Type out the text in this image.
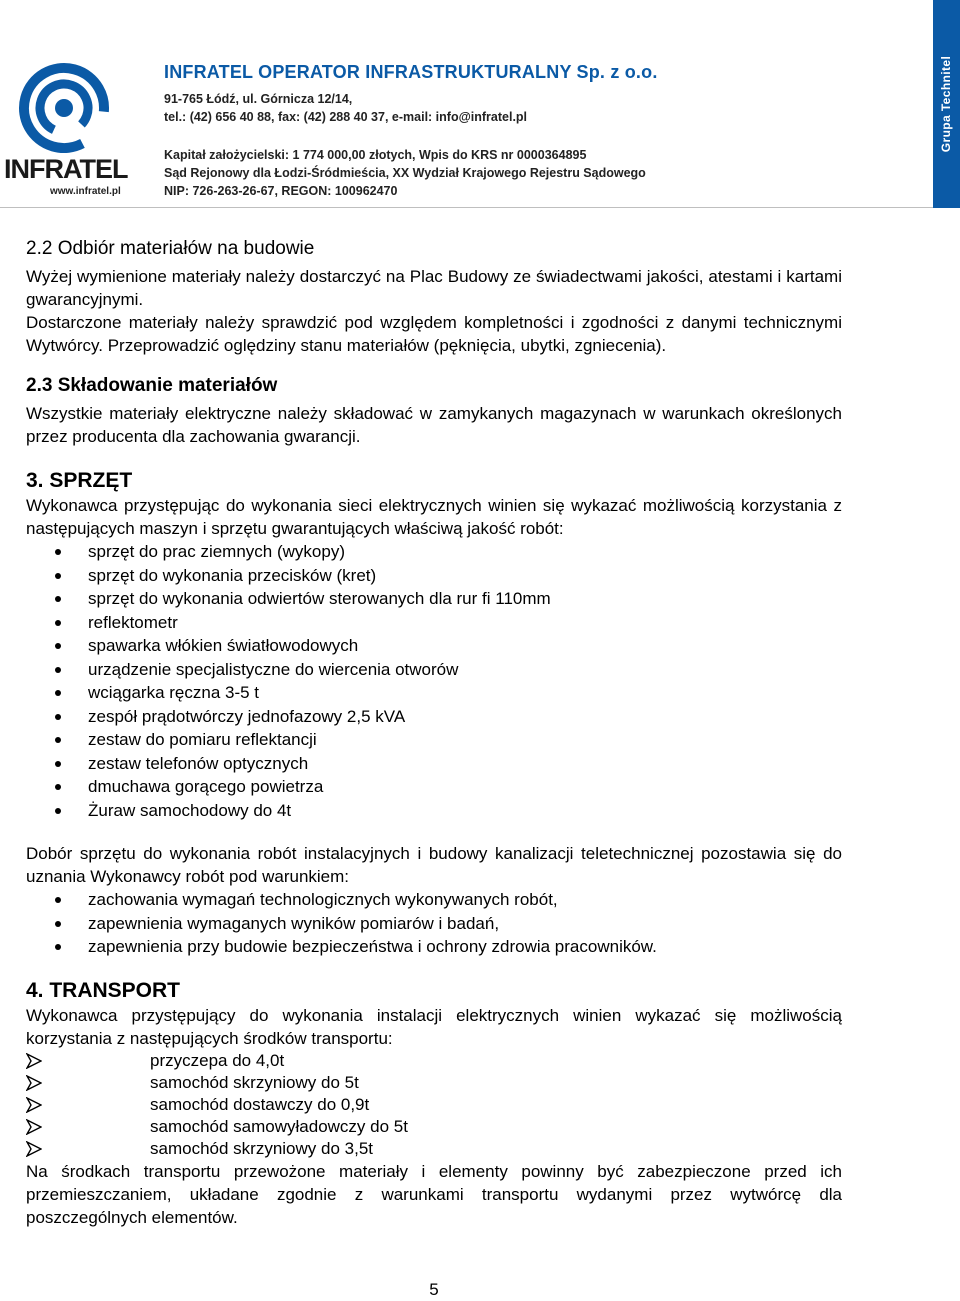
INFRATEL
www.infratel.pl
INFRATEL OPERATOR INFRASTRUKTURALNY Sp. z o.o.
91-765 Łódź, ul. Górnicza 12/14,
tel.: (42) 656 40 88, fax: (42) 288 40 37, e-mail: info@infratel.pl
Kapitał założycielski: 1 774 000,00 złotych, Wpis do KRS nr 0000364895
Sąd Rejonowy dla Łodzi-Śródmieścia, XX Wydział Krajowego Rejestru Sądowego
NIP: 726-263-26-67, REGON: 100962470
Grupa Technitel
2.2 Odbiór materiałów na budowie

Wyżej wymienione materiały należy dostarczyć na Plac Budowy ze świadectwami jakości, atestami i kartami gwarancyjnymi.

Dostarczone materiały należy sprawdzić pod względem kompletności i zgodności z danymi technicznymi Wytwórcy. Przeprowadzić oględziny stanu materiałów (pęknięcia, ubytki, zgniecenia).

2.3 Składowanie materiałów

Wszystkie materiały elektryczne należy składować w zamykanych magazynach w warunkach określonych przez producenta dla zachowania gwarancji.

3. SPRZĘT

Wykonawca przystępując do wykonania sieci elektrycznych winien się wykazać możliwością korzystania z następujących maszyn i sprzętu gwarantujących właściwą jakość robót:

sprzęt do prac ziemnych (wykopy)
sprzęt do wykonania przecisków (kret)
sprzęt do wykonania odwiertów sterowanych dla rur fi 110mm
reflektometr
spawarka włókien światłowodowych
urządzenie specjalistyczne do wiercenia otworów
wciągarka ręczna 3-5 t
zespół prądotwórczy jednofazowy 2,5 kVA
zestaw do pomiaru reflektancji
zestaw telefonów optycznych
dmuchawa gorącego powietrza
Żuraw samochodowy do 4t

Dobór sprzętu do wykonania robót instalacyjnych i budowy kanalizacji teletechnicznej pozostawia się do uznania Wykonawcy robót pod warunkiem:

zachowania wymagań technologicznych wykonywanych robót,
zapewnienia wymaganych wyników pomiarów i badań,
zapewnienia przy budowie bezpieczeństwa i ochrony zdrowia pracowników.
4. TRANSPORT

Wykonawca przystępujący do wykonania instalacji elektrycznych winien wykazać się możliwością korzystania z następujących środków transportu:

przyczepa do 4,0t
samochód skrzyniowy do 5t
samochód dostawczy do 0,9t
samochód samowyładowczy do 5t
samochód skrzyniowy do 3,5t

Na środkach transportu przewożone materiały i elementy powinny być zabezpieczone przed ich przemieszczaniem, układane zgodnie z warunkami transportu wydanymi przez wytwórcę dla poszczególnych elementów.

5
